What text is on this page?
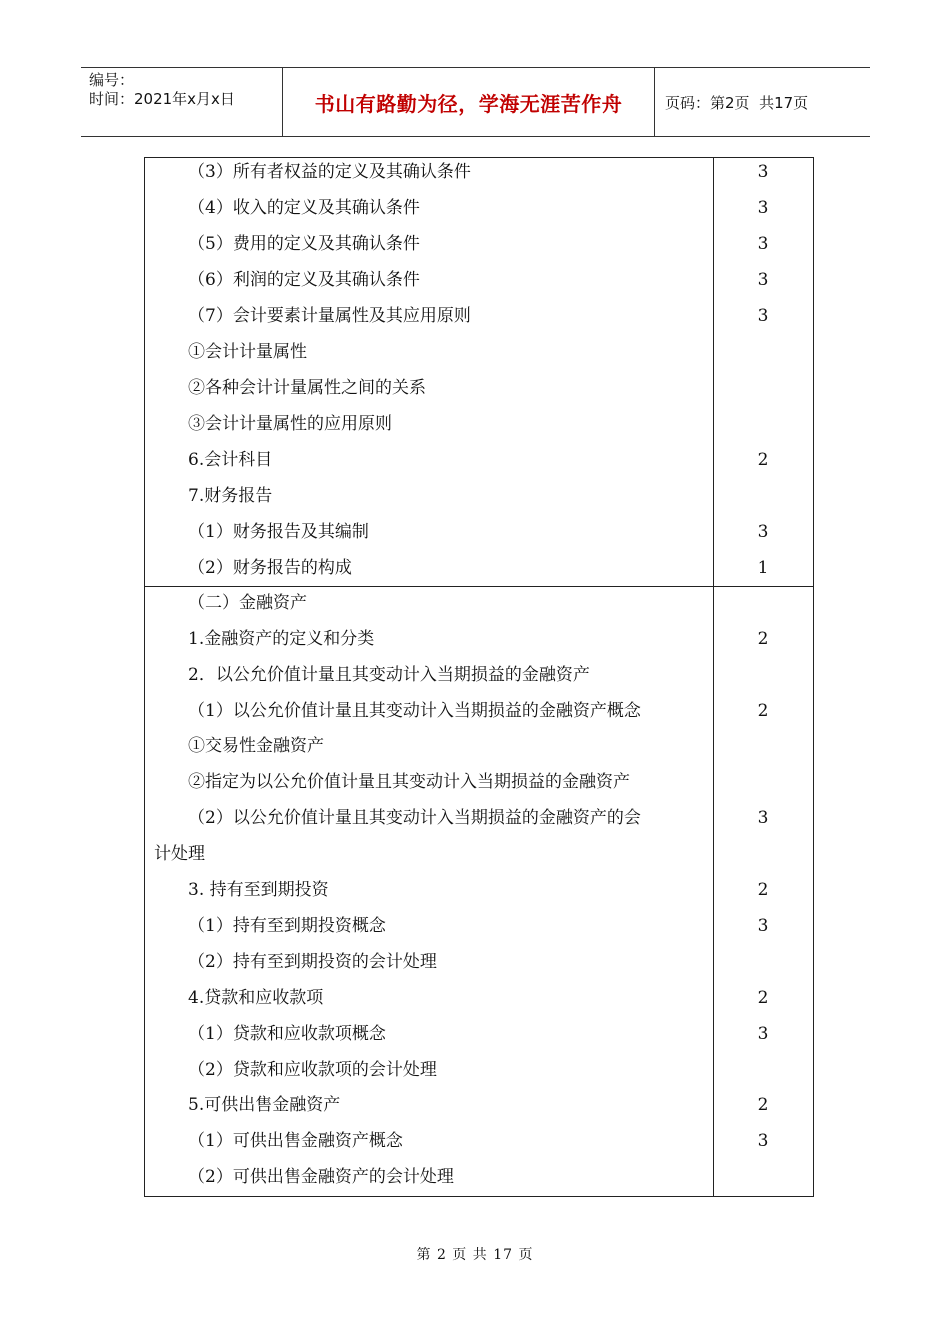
编号：
时间：2021年x月x日	书山有路勤为径，学海无涯苦作舟	页码：第2页  共17页
（3）所有者权益的定义及其确认条件	3
（4）收入的定义及其确认条件	3
（5）费用的定义及其确认条件	3
（6）利润的定义及其确认条件	3
（7）会计要素计量属性及其应用原则	3
①会计计量属性
②各种会计计量属性之间的关系
③会计计量属性的应用原则
6.会计科目	2
7.财务报告
（1）财务报告及其编制	3
（2）财务报告的构成	1
（二）金融资产
1.金融资产的定义和分类	2
2．以公允价值计量且其变动计入当期损益的金融资产
（1）以公允价值计量且其变动计入当期损益的金融资产概念	2
①交易性金融资产
②指定为以公允价值计量且其变动计入当期损益的金融资产
（2）以公允价值计量且其变动计入当期损益的金融资产的会	3
计处理
3. 持有至到期投资	2
（1）持有至到期投资概念	3
（2）持有至到期投资的会计处理
4.贷款和应收款项	2
（1）贷款和应收款项概念	3
（2）贷款和应收款项的会计处理
5.可供出售金融资产	2
（1）可供出售金融资产概念	3
（2）可供出售金融资产的会计处理
第 2 页 共 17 页
